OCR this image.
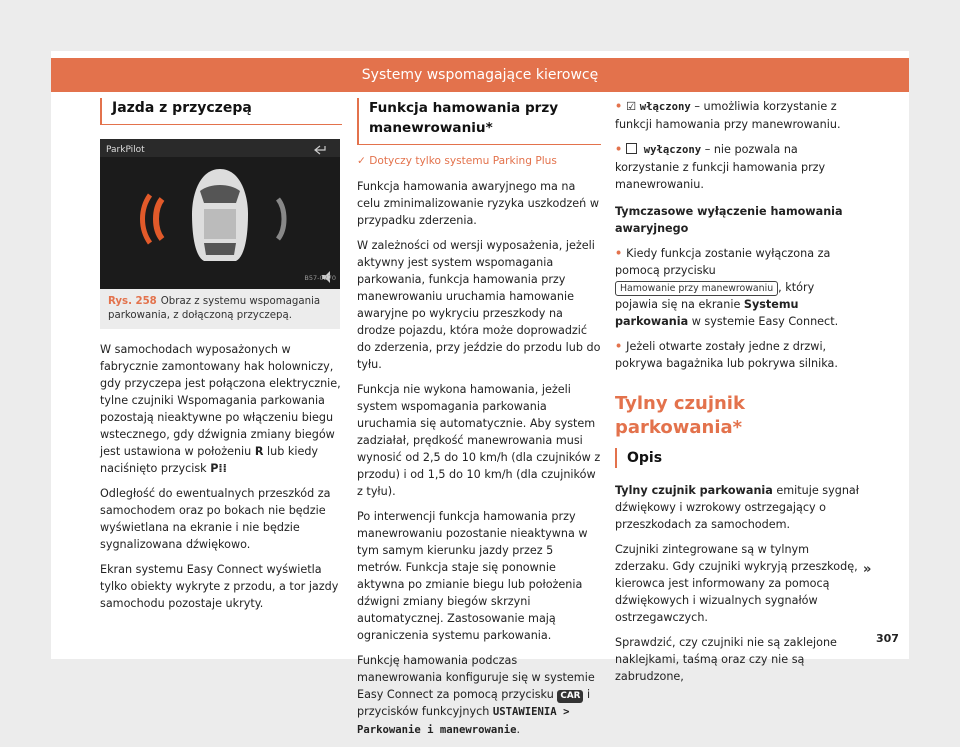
Systemy wspomagające kierowcę
Jazda z przyczepą
ParkPilot
B57-0270
Rys. 258 Obraz z systemu wspomagania parkowania, z dołączoną przyczepą.

W samochodach wyposażonych w fabrycznie zamontowany hak holowniczy, gdy przyczepa jest połączona elektrycznie, tylne czujniki Wspomagania parkowania pozostają nieaktywne po włączeniu biegu wstecznego, gdy dźwignia zmiany biegów jest ustawiona w położeniu R lub kiedy naciśnięto przycisk P⁞⁞

Odległość do ewentualnych przeszkód za samochodem oraz po bokach nie będzie wyświetlana na ekranie i nie będzie sygnalizowana dźwiękowo.

Ekran systemu Easy Connect wyświetla tylko obiekty wykryte z przodu, a tor jazdy samochodu pozostaje ukryty.

Funkcja hamowania przy manewrowaniu*

✓ Dotyczy tylko systemu Parking Plus

Funkcja hamowania awaryjnego ma na celu zminimalizowanie ryzyka uszkodzeń w przypadku zderzenia.

W zależności od wersji wyposażenia, jeżeli aktywny jest system wspomagania parkowania, funkcja hamowania przy manewrowaniu uruchamia hamowanie awaryjne po wykryciu przeszkody na drodze pojazdu, która może doprowadzić do zderzenia, przy jeździe do przodu lub do tyłu.

Funkcja nie wykona hamowania, jeżeli system wspomagania parkowania uruchamia się automatycznie. Aby system zadziałał, prędkość manewrowania musi wynosić od 2,5 do 10 km/h (dla czujników z przodu) i od 1,5 do 10 km/h (dla czujników z tyłu).

Po interwencji funkcja hamowania przy manewrowaniu pozostanie nieaktywna w tym samym kierunku jazdy przez 5 metrów. Funkcja staje się ponownie aktywna po zmianie biegu lub położenia dźwigni zmiany biegów skrzyni automatycznej. Zastosowanie mają ograniczenia systemu parkowania.

Funkcję hamowania podczas manewrowania konfiguruje się w systemie Easy Connect za pomocą przycisku CAR i przycisków funkcyjnych USTAWIENIA > Parkowanie i manewrowanie.

• ☑ włączony – umożliwia korzystanie z funkcji hamowania przy manewrowaniu.

• wyłączony – nie pozwala na korzystanie z funkcji hamowania przy manewrowaniu.

Tymczasowe wyłączenie hamowania awaryjnego

• Kiedy funkcja zostanie wyłączona za pomocą przycisku Hamowanie przy manewrowaniu , który pojawia się na ekranie Systemu parkowania w systemie Easy Connect.

• Jeżeli otwarte zostały jedne z drzwi, pokrywa bagażnika lub pokrywa silnika.

Tylny czujnik parkowania*
Opis

Tylny czujnik parkowania emituje sygnał dźwiękowy i wzrokowy ostrzegający o przeszkodach za samochodem.

Czujniki zintegrowane są w tylnym zderzaku. Gdy czujniki wykryją przeszkodę, kierowca jest informowany za pomocą dźwiękowych i wizualnych sygnałów ostrzegawczych.

Sprawdzić, czy czujniki nie są zaklejone naklejkami, taśmą oraz czy nie są zabrudzone,

»
307
